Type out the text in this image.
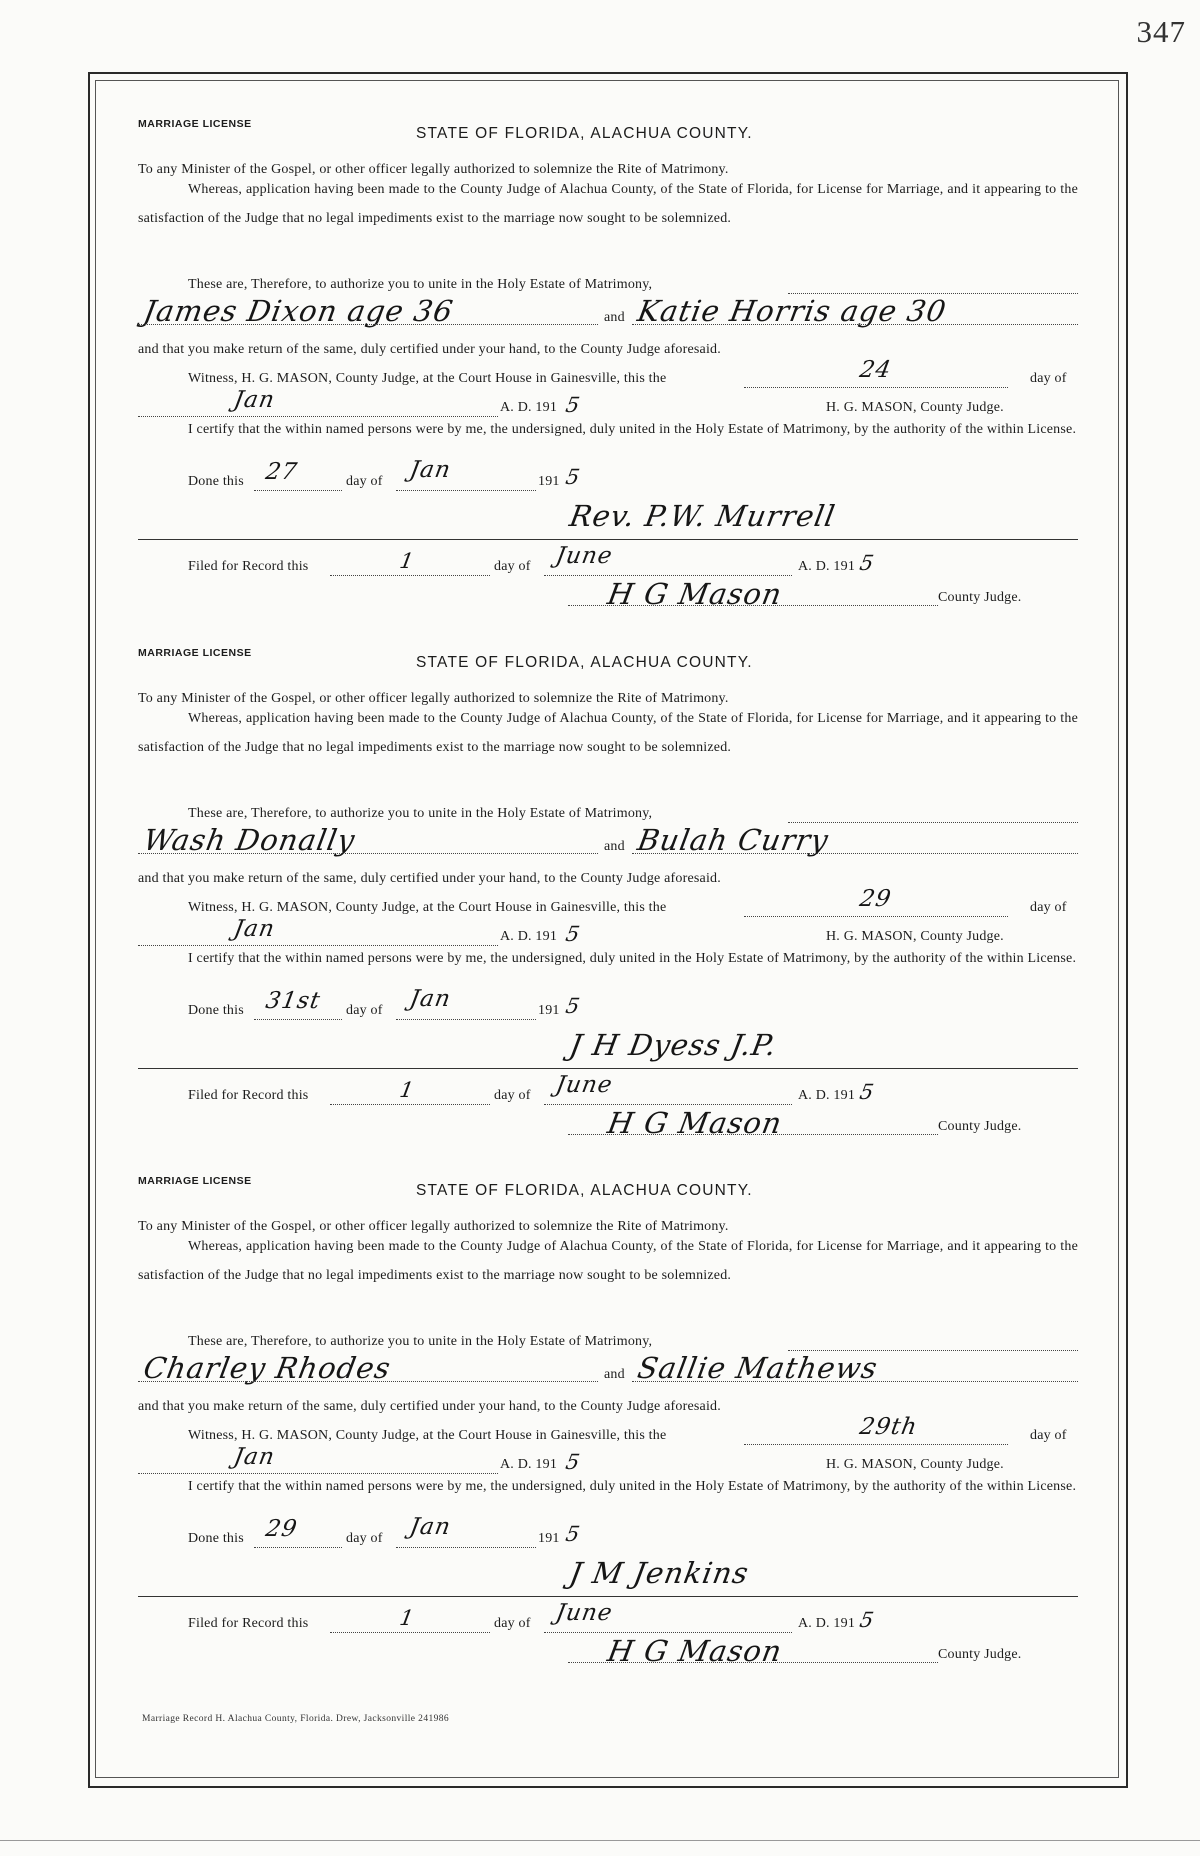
347
MARRIAGE LICENSE
STATE OF FLORIDA, ALACHUA COUNTY.
To any Minister of the Gospel, or other officer legally authorized to solemnize the Rite of Matrimony.
Whereas, application having been made to the County Judge of Alachua County, of the State of Florida, for License for Marriage, and it appearing to the satisfaction of the Judge that no legal impediments exist to the marriage now sought to be solemnized.
These are, Therefore, to authorize you to unite in the Holy Estate of Matrimony,
James Dixon age 36	and Katie Horris age 30
and that you make return of the same, duly certified under your hand, to the County Judge aforesaid.
Witness, H. G. MASON, County Judge, at the Court House in Gainesville, this the	24	day of
Jan	A. D. 191 5	H. G. MASON, County Judge.
I certify that the within named persons were by me, the undersigned, duly united in the Holy Estate of Matrimony, by the authority of the within License.
Done this 27	day of Jan	191 5
Rev. P.W. Murrell
Filed for Record this	1	day of June	A. D. 191 5
H G Mason	County Judge.
MARRIAGE LICENSE
STATE OF FLORIDA, ALACHUA COUNTY.
To any Minister of the Gospel, or other officer legally authorized to solemnize the Rite of Matrimony.
Whereas, application having been made to the County Judge of Alachua County, of the State of Florida, for License for Marriage, and it appearing to the satisfaction of the Judge that no legal impediments exist to the marriage now sought to be solemnized.
These are, Therefore, to authorize you to unite in the Holy Estate of Matrimony,
Wash Donally	and Bulah Curry
and that you make return of the same, duly certified under your hand, to the County Judge aforesaid.
Witness, H. G. MASON, County Judge, at the Court House in Gainesville, this the	29	day of
Jan	A. D. 191 5	H. G. MASON, County Judge.
I certify that the within named persons were by me, the undersigned, duly united in the Holy Estate of Matrimony, by the authority of the within License.
Done this 31st day of Jan	191 5
J H Dyess J.P.
Filed for Record this	1	day of June	A. D. 191 5
H G Mason	County Judge.
MARRIAGE LICENSE
STATE OF FLORIDA, ALACHUA COUNTY.
To any Minister of the Gospel, or other officer legally authorized to solemnize the Rite of Matrimony.
Whereas, application having been made to the County Judge of Alachua County, of the State of Florida, for License for Marriage, and it appearing to the satisfaction of the Judge that no legal impediments exist to the marriage now sought to be solemnized.
These are, Therefore, to authorize you to unite in the Holy Estate of Matrimony,
Charley Rhodes	and Sallie Mathews
and that you make return of the same, duly certified under your hand, to the County Judge aforesaid.
Witness, H. G. MASON, County Judge, at the Court House in Gainesville, this the	29th	day of
Jan	A. D. 191 5	H. G. MASON, County Judge.
I certify that the within named persons were by me, the undersigned, duly united in the Holy Estate of Matrimony, by the authority of the within License.
Done this 29	day of Jan	191 5
J M Jenkins
Filed for Record this	1	day of June	A. D. 191 5
H G Mason	County Judge.
Marriage Record H. Alachua County, Florida. Drew, Jacksonville 241986
